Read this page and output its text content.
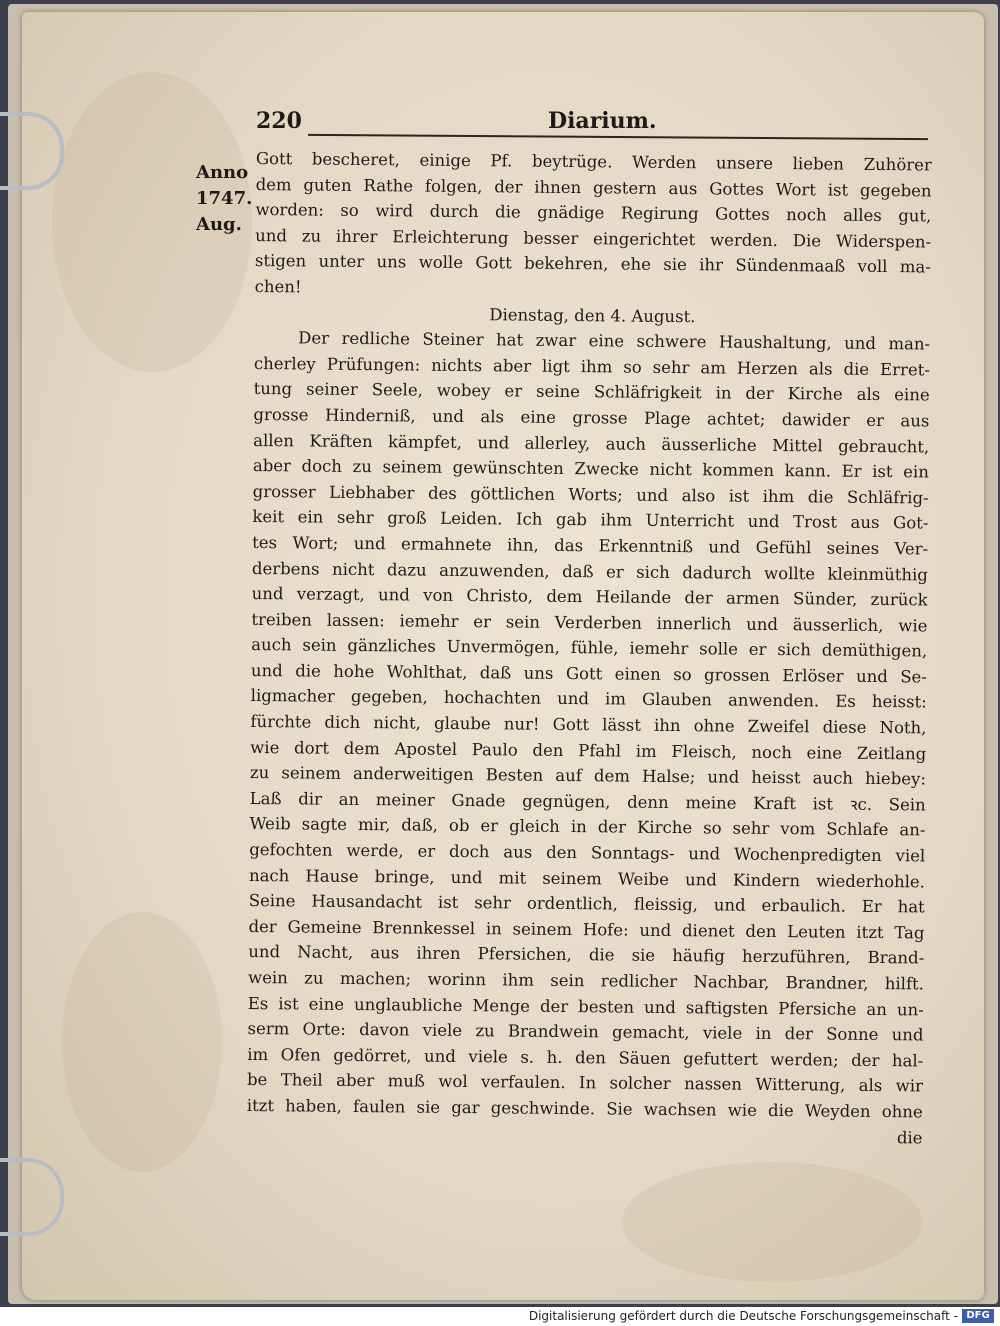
220	Diarium.
Anno
1747.
Aug.
Gott bescheret, einige Pf. beytrüge. Werden unsere lieben Zuhörer
dem guten Rathe folgen, der ihnen gestern aus Gottes Wort ist gegeben
worden: so wird durch die gnädige Regirung Gottes noch alles gut,
und zu ihrer Erleichterung besser eingerichtet werden. Die Widerspen-
stigen unter uns wolle Gott bekehren, ehe sie ihr Sündenmaaß voll ma-
chen!
Dienstag, den 4. August.
Der redliche Steiner hat zwar eine schwere Haushaltung, und man-
cherley Prüfungen: nichts aber ligt ihm so sehr am Herzen als die Erret-
tung seiner Seele, wobey er seine Schläfrigkeit in der Kirche als eine
grosse Hinderniß, und als eine grosse Plage achtet; dawider er aus
allen Kräften kämpfet, und allerley, auch äusserliche Mittel gebraucht,
aber doch zu seinem gewünschten Zwecke nicht kommen kann. Er ist ein
grosser Liebhaber des göttlichen Worts; und also ist ihm die Schläfrig-
keit ein sehr groß Leiden. Ich gab ihm Unterricht und Trost aus Got-
tes Wort; und ermahnete ihn, das Erkenntniß und Gefühl seines Ver-
derbens nicht dazu anzuwenden, daß er sich dadurch wollte kleinmüthig
und verzagt, und von Christo, dem Heilande der armen Sünder, zurück
treiben lassen: iemehr er sein Verderben innerlich und äusserlich, wie
auch sein gänzliches Unvermögen, fühle, iemehr solle er sich demüthigen,
und die hohe Wohlthat, daß uns Gott einen so grossen Erlöser und Se-
ligmacher gegeben, hochachten und im Glauben anwenden. Es heisst:
fürchte dich nicht, glaube nur! Gott lässt ihn ohne Zweifel diese Noth,
wie dort dem Apostel Paulo den Pfahl im Fleisch, noch eine Zeitlang
zu seinem anderweitigen Besten auf dem Halse; und heisst auch hiebey:
Laß dir an meiner Gnade gegnügen, denn meine Kraft ist ꝛc. Sein
Weib sagte mir, daß, ob er gleich in der Kirche so sehr vom Schlafe an-
gefochten werde, er doch aus den Sonntags- und Wochenpredigten viel
nach Hause bringe, und mit seinem Weibe und Kindern wiederhohle.
Seine Hausandacht ist sehr ordentlich, fleissig, und erbaulich. Er hat
der Gemeine Brennkessel in seinem Hofe: und dienet den Leuten itzt Tag
und Nacht, aus ihren Pfersichen, die sie häufig herzuführen, Brand-
wein zu machen; worinn ihm sein redlicher Nachbar, Brandner, hilft.
Es ist eine unglaubliche Menge der besten und saftigsten Pfersiche an un-
serm Orte: davon viele zu Brandwein gemacht, viele in der Sonne und
im Ofen gedörret, und viele s. h. den Säuen gefuttert werden; der hal-
be Theil aber muß wol verfaulen. In solcher nassen Witterung, als wir
itzt haben, faulen sie gar geschwinde. Sie wachsen wie die Weyden ohne
die
Digitalisierung gefördert durch die Deutsche Forschungsgemeinschaft - DFG
